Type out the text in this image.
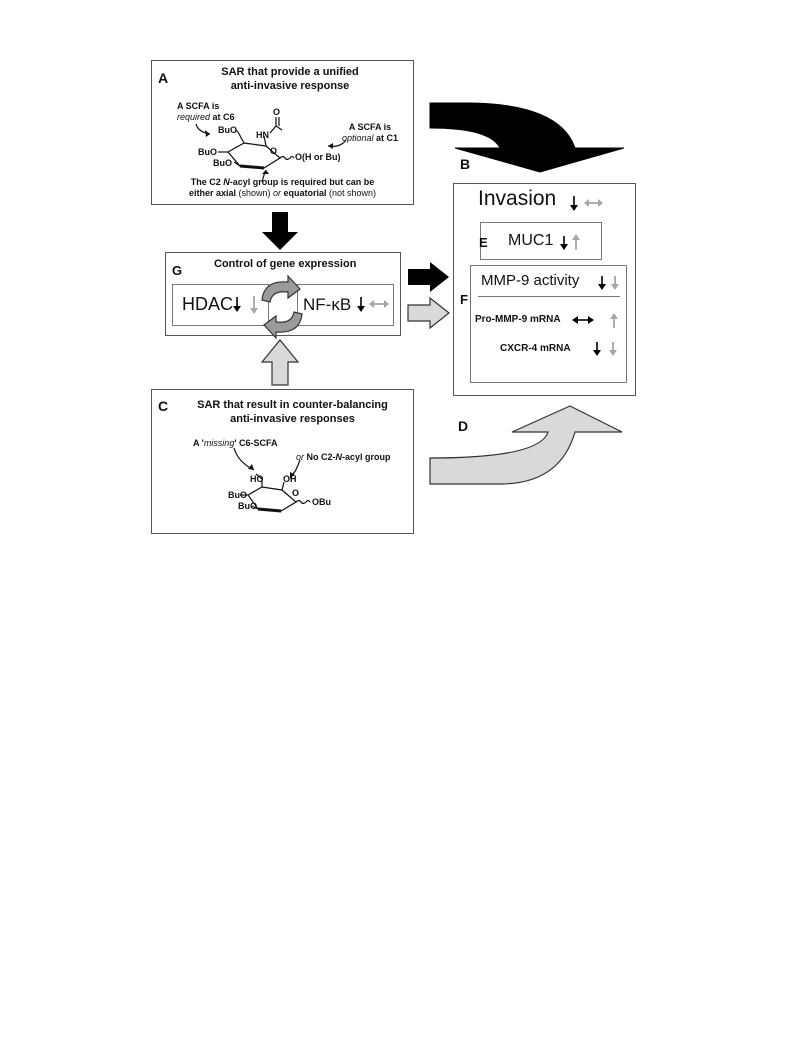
A	SAR that provide a unified
anti-invasive response
A SCFA is
required at C6
A SCFA is
optional at C1
The C2 N-acyl group is required but can be
either axial (shown) or equatorial (not shown)
BuO HN
O
O
BuO
BuO
O(H or Bu)	B
Invasion
E MUC1
F
MMP-9 activity
Pro-MMP-9 mRNA
CXCR-4 mRNA
G	Control of gene expression
HDAC	NF-κB
C	SAR that result in counter-balancing
anti-invasive responses
A 'missing' C6-SCFA
or No C2-N-acyl group
HO OH
O
BuO
BuO	OBu
D
